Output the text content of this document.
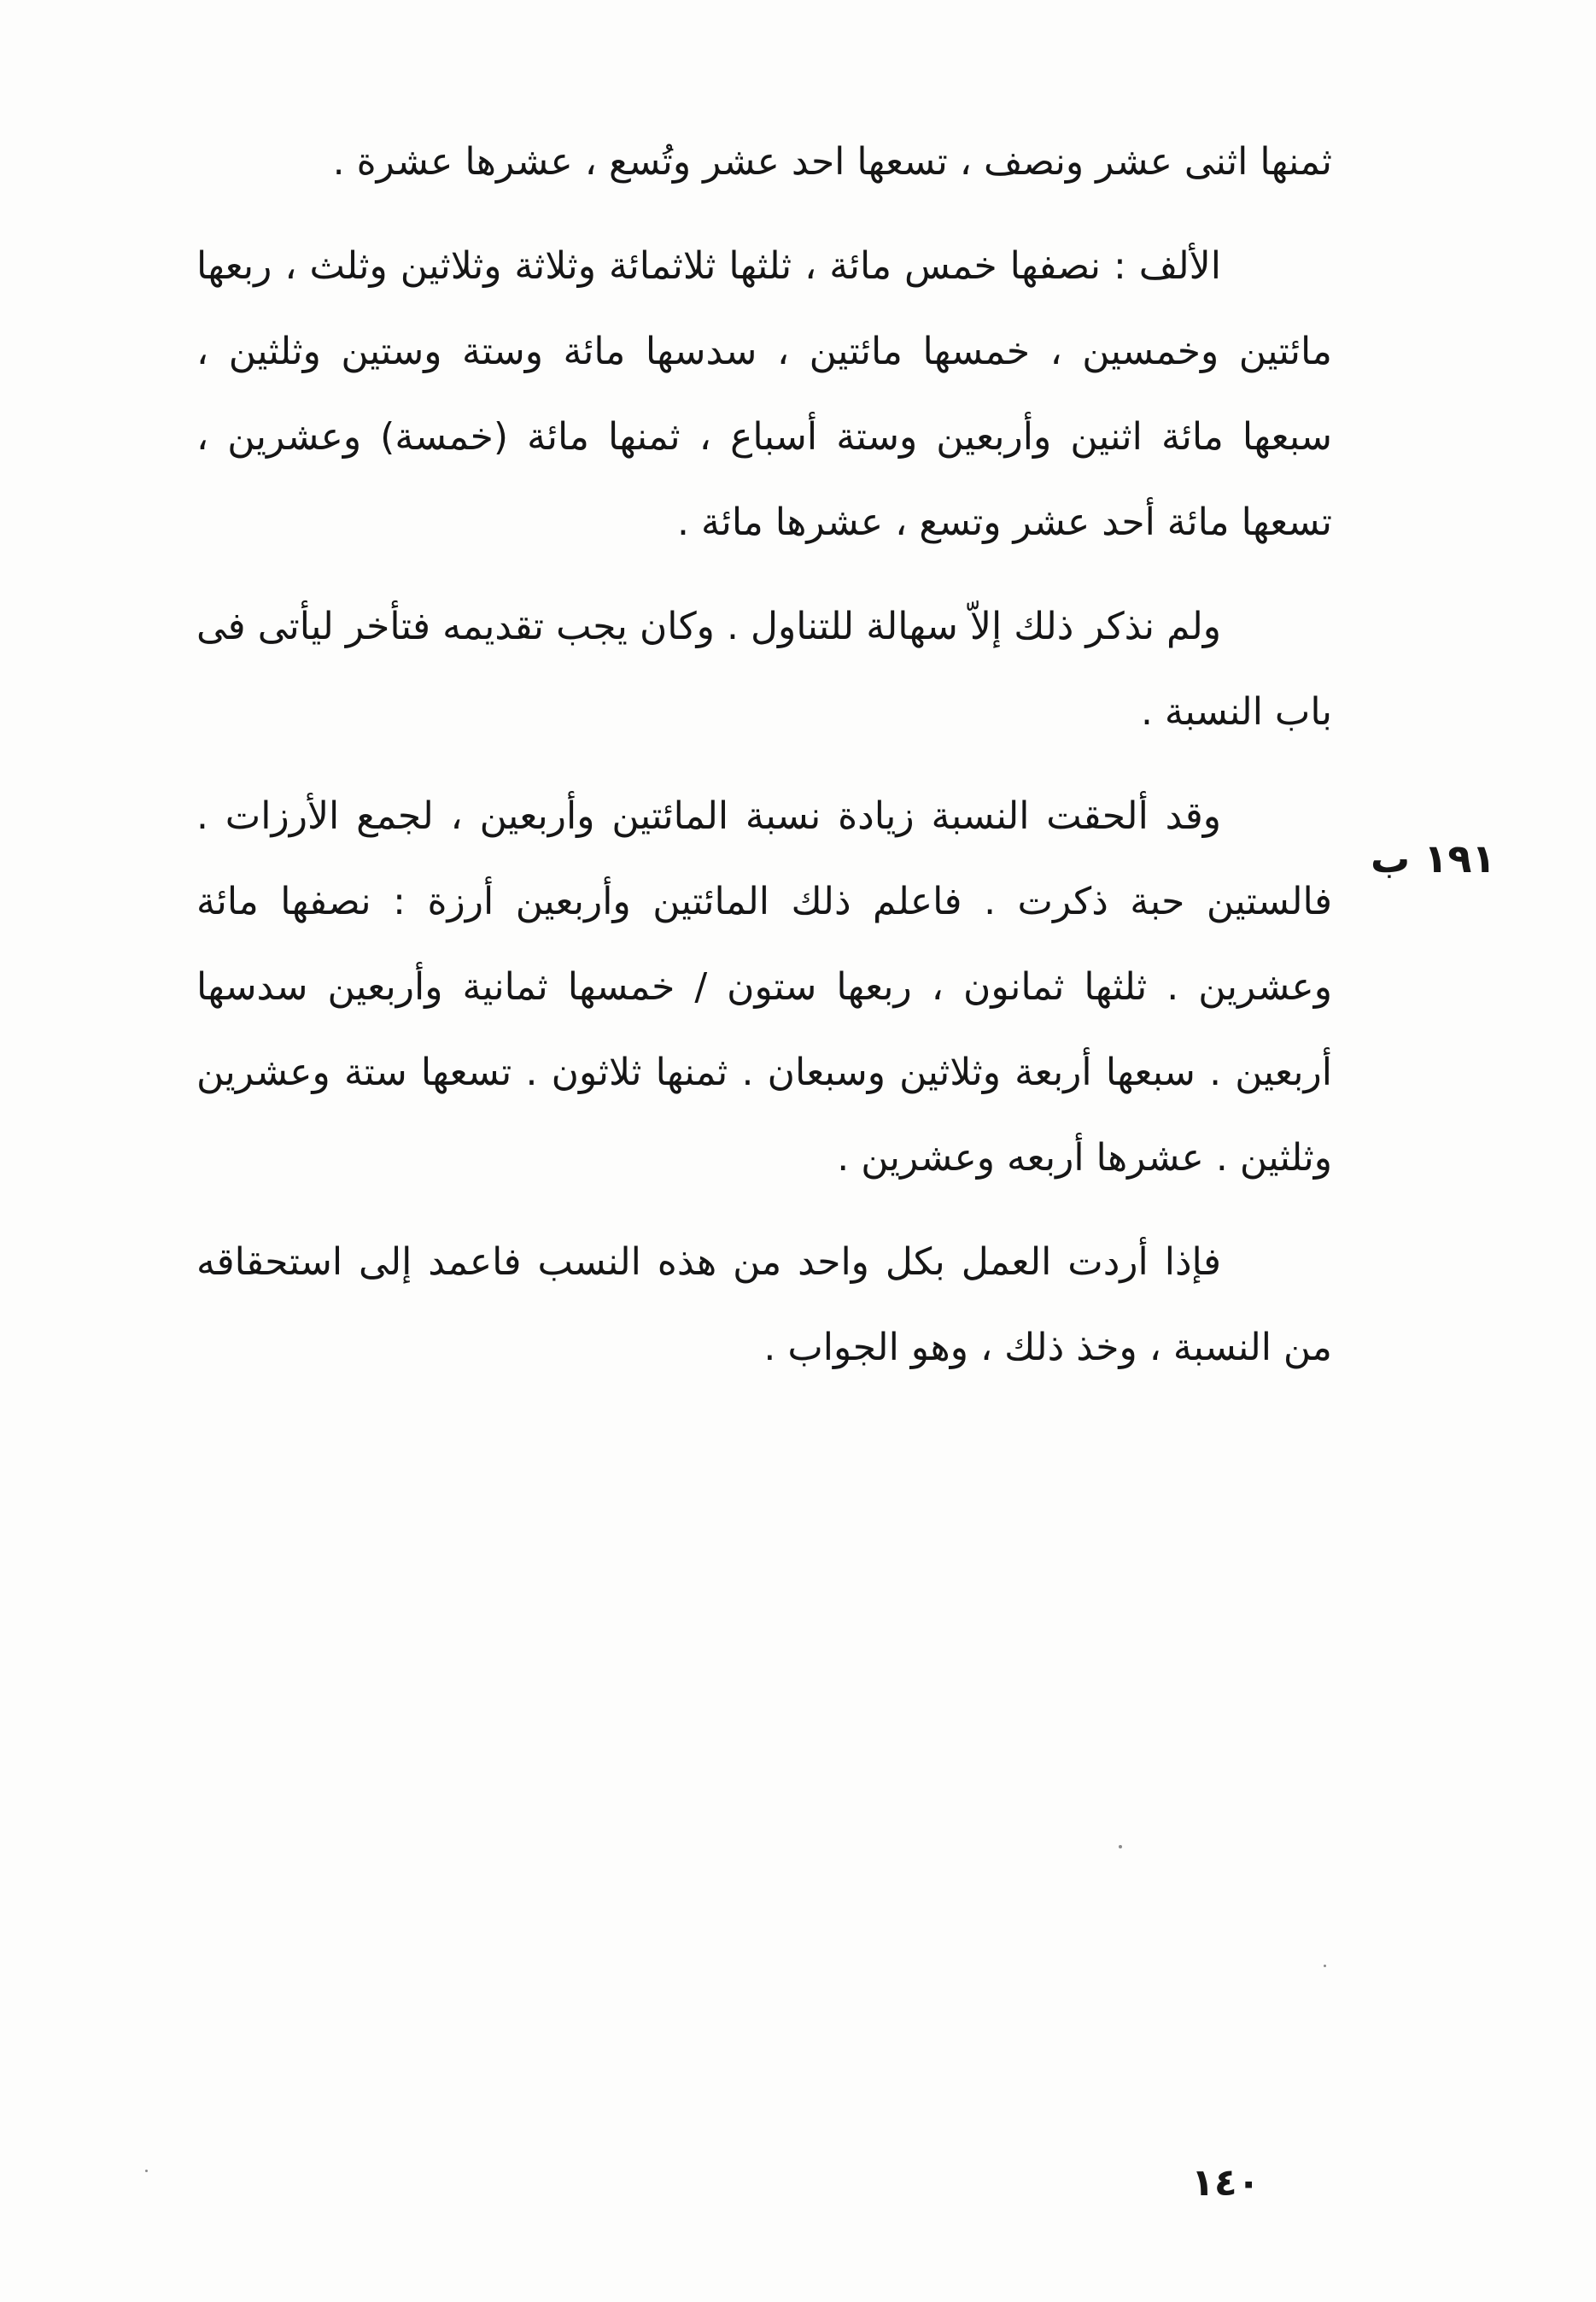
ثمنها اثنى عشر ونصف ، تسعها احد عشر وتُسع ، عشرها عشرة .

الألف : نصفها خمس مائة ، ثلثها ثلاثمائة وثلاثة وثلاثين وثلث ، ربعها مائتين وخمسين ، خمسها مائتين ، سدسها مائة وستة وستين وثلثين ، سبعها مائة اثنين وأربعين وستة أسباع ، ثمنها مائة (خمسة) وعشرين ، تسعها مائة أحد عشر وتسع ، عشرها مائة .

ولم نذكر ذلك إلاّ سهالة للتناول . وكان يجب تقديمه فتأخر ليأتى فى باب النسبة .

وقد ألحقت النسبة زيادة نسبة المائتين وأربعين ، لجمع الأرزات . فالستين حبة ذكرت . فاعلم ذلك المائتين وأربعين أرزة : نصفها مائة وعشرين . ثلثها ثمانون ، ربعها ستون / خمسها ثمانية وأربعين سدسها أربعين . سبعها أربعة وثلاثين وسبعان . ثمنها ثلاثون . تسعها ستة وعشرين وثلثين . عشرها أربعه وعشرين .

فإذا أردت العمل بكل واحد من هذه النسب فاعمد إلى استحقاقه من النسبة ، وخذ ذلك ، وهو الجواب .

١٩١ ب
١٤٠
